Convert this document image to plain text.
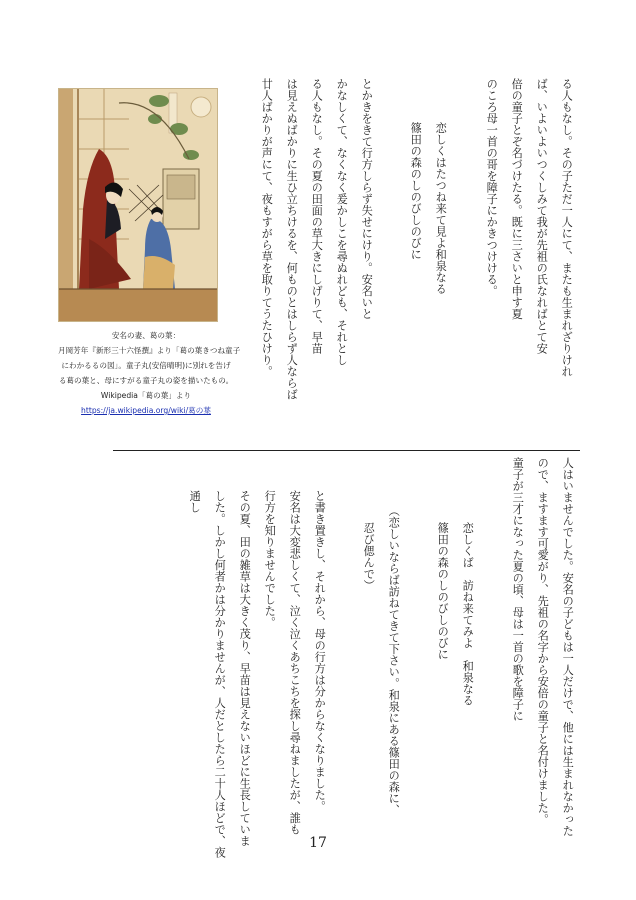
る人もなし。その子ただ一人にて、またも生まれざりけれ
ば、いよいよいつくしみて我が先祖の氏なればとて安
倍の童子とぞ名づけたる。既に三さいと申す夏
のころ母一首の哥を障子にかきつけける。
恋しくはたつね来て見よ和泉なる
篠田の森のしのびしのびに
とかきをきて行方しらず失せにけり。安名いと
かなしくて、なくなく爰かしこを尋ぬれども、それとし
る人もなし。その夏の田面の草大きにしげりて、早苗
は見えぬばかりに生ひ立ちけるを、何ものとはしらず人ならば
廿人ばかりが声にて、夜もすがら草を取りてうたひけり。
安名の妻、葛の葉：
月岡芳年『新形三十六怪撰』より「葛の葉きつね童子
にわかるるの図」。童子丸(安倍晴明)に別れを告げ
る葛の葉と、母にすがる童子丸の姿を描いたもの。
Wikipedia「葛の葉」より
https://ja.wikipedia.org/wiki/葛の葉
人はいませんでした。安名の子どもは一人だけで、他には生まれなかった
ので、ますます可愛がり、先祖の名字から安倍の童子と名付けました。
童子が三才になった夏の頃、母は一首の歌を障子に
恋しくば　訪ね来てみよ　和泉なる
篠田の森のしのびしのびに
（恋しいならば訪ねてきて下さい。和泉にある篠田の森に、
忍び偲んで）
と書き置きし、それから、母の行方は分からなくなりました。
安名は大変悲しくて、泣く泣くあちこちを探し尋ねましたが、誰も
行方を知りませんでした。
その夏、田の雑草は大きく茂り、早苗は見えないほどに生長していま
した。しかし何者かは分かりませんが、人だとしたら二十人ほどで、夜
通し
17
